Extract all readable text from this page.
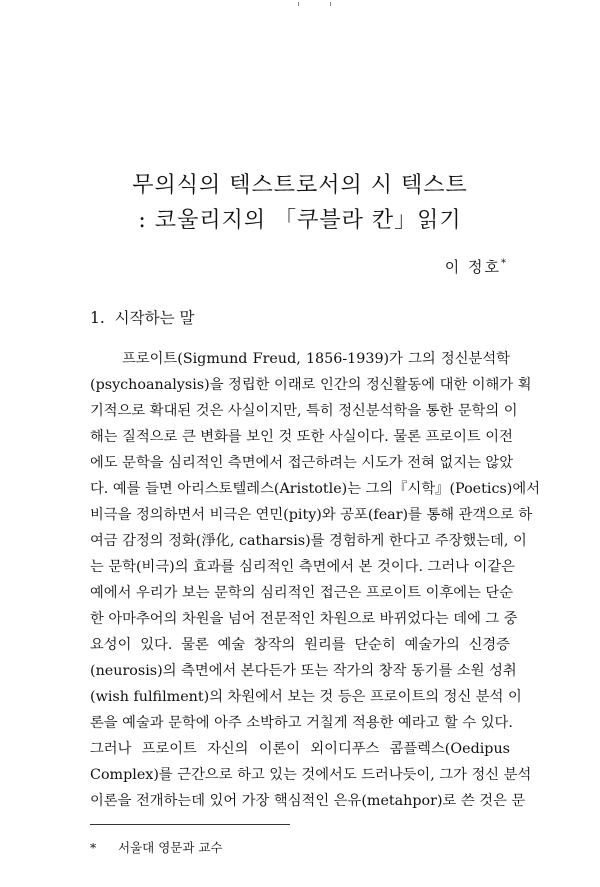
무의식의 텍스트로서의 시 텍스트
: 코울리지의 「쿠블라 칸」읽기
이 정호*
1. 시작하는 말
프로이트(Sigmund Freud, 1856-1939)가 그의 정신분석학
(psychoanalysis)을 정립한 이래로 인간의 정신활동에 대한 이해가 획
기적으로 확대된 것은 사실이지만, 특히 정신분석학을 통한 문학의 이
해는 질적으로 큰 변화를 보인 것 또한 사실이다. 물론 프로이트 이전
에도 문학을 심리적인 측면에서 접근하려는 시도가 전혀 없지는 않았
다. 예를 들면 아리스토텔레스(Aristotle)는 그의『시학』(Poetics)에서
비극을 정의하면서 비극은 연민(pity)와 공포(fear)를 통해 관객으로 하
여금 감정의 정화(淨化, catharsis)를 경험하게 한다고 주장했는데, 이
는 문학(비극)의 효과를 심리적인 측면에서 본 것이다. 그러나 이같은
예에서 우리가 보는 문학의 심리적인 접근은 프로이트 이후에는 단순
한 아마추어의 차원을 넘어 전문적인 차원으로 바뀌었다는 데에 그 중
요성이 있다. 물론 예술 창작의 원리를 단순히 예술가의 신경증
(neurosis)의 측면에서 본다든가 또는 작가의 창작 동기를 소원 성취
(wish fulfilment)의 차원에서 보는 것 등은 프로이트의 정신 분석 이
론을 예술과 문학에 아주 소박하고 거칠게 적용한 예라고 할 수 있다.
그러나 프로이트 자신의 이론이 외이디푸스 콤플렉스(Oedipus
Complex)를 근간으로 하고 있는 것에서도 드러나듯이, 그가 정신 분석
이론을 전개하는데 있어 가장 핵심적인 은유(metahpor)로 쓴 것은 문
* 서울대 영문과 교수
